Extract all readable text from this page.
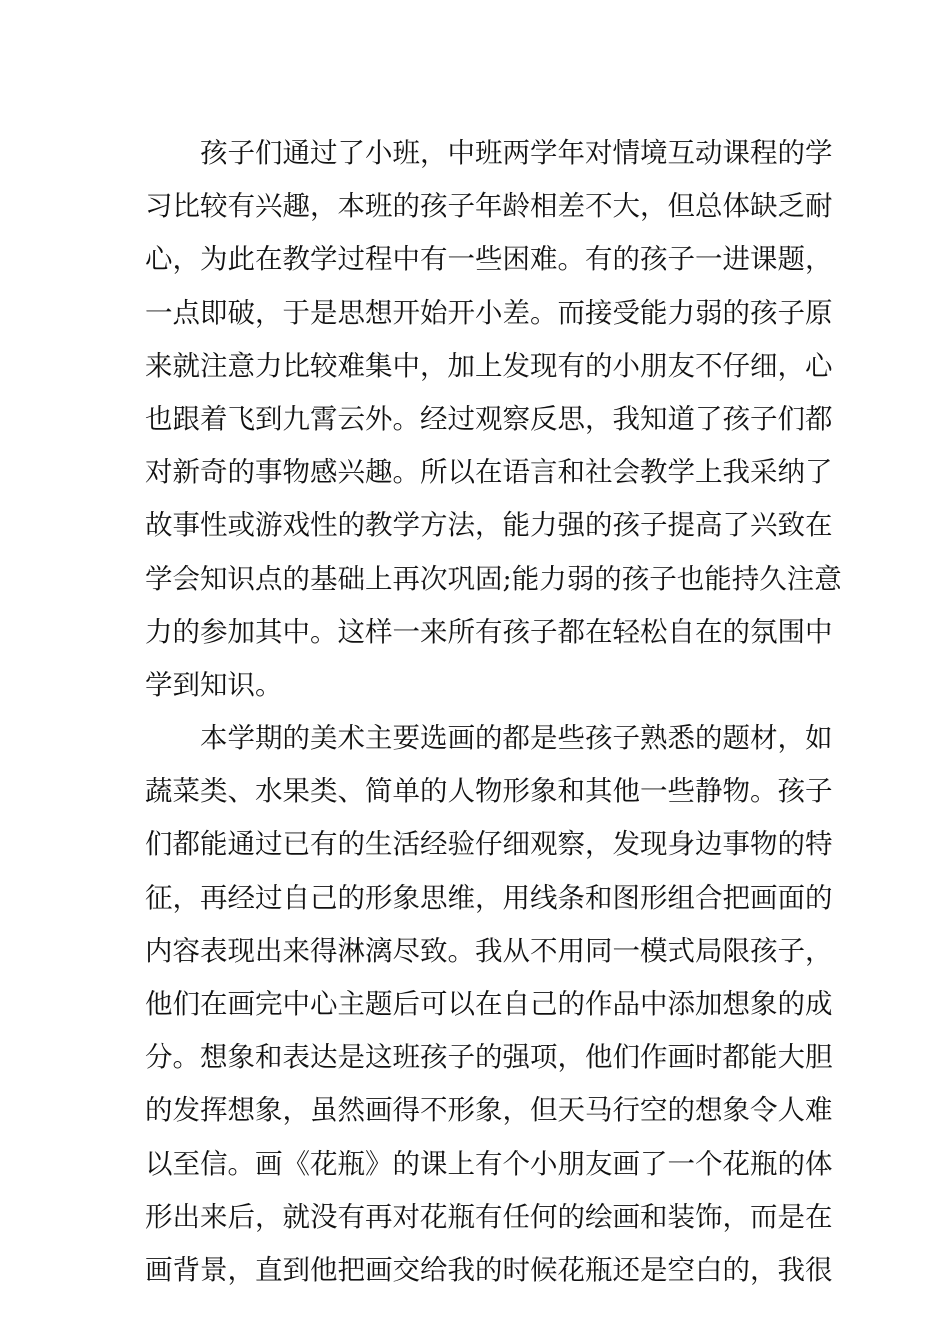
孩子们通过了小班，中班两学年对情境互动课程的学
习比较有兴趣，本班的孩子年龄相差不大，但总体缺乏耐
心，为此在教学过程中有一些困难。有的孩子一进课题，
一点即破，于是思想开始开小差。而接受能力弱的孩子原
来就注意力比较难集中，加上发现有的小朋友不仔细，心
也跟着飞到九霄云外。经过观察反思，我知道了孩子们都
对新奇的事物感兴趣。所以在语言和社会教学上我采纳了
故事性或游戏性的教学方法，能力强的孩子提高了兴致在
学会知识点的基础上再次巩固;能力弱的孩子也能持久注意
力的参加其中。这样一来所有孩子都在轻松自在的氛围中
学到知识。
本学期的美术主要选画的都是些孩子熟悉的题材，如
蔬菜类、水果类、简单的人物形象和其他一些静物。孩子
们都能通过已有的生活经验仔细观察，发现身边事物的特
征，再经过自己的形象思维，用线条和图形组合把画面的
内容表现出来得淋漓尽致。我从不用同一模式局限孩子，
他们在画完中心主题后可以在自己的作品中添加想象的成
分。想象和表达是这班孩子的强项，他们作画时都能大胆
的发挥想象，虽然画得不形象，但天马行空的想象令人难
以至信。画《花瓶》的课上有个小朋友画了一个花瓶的体
形出来后，就没有再对花瓶有任何的绘画和装饰，而是在
画背景，直到他把画交给我的时候花瓶还是空白的，我很
